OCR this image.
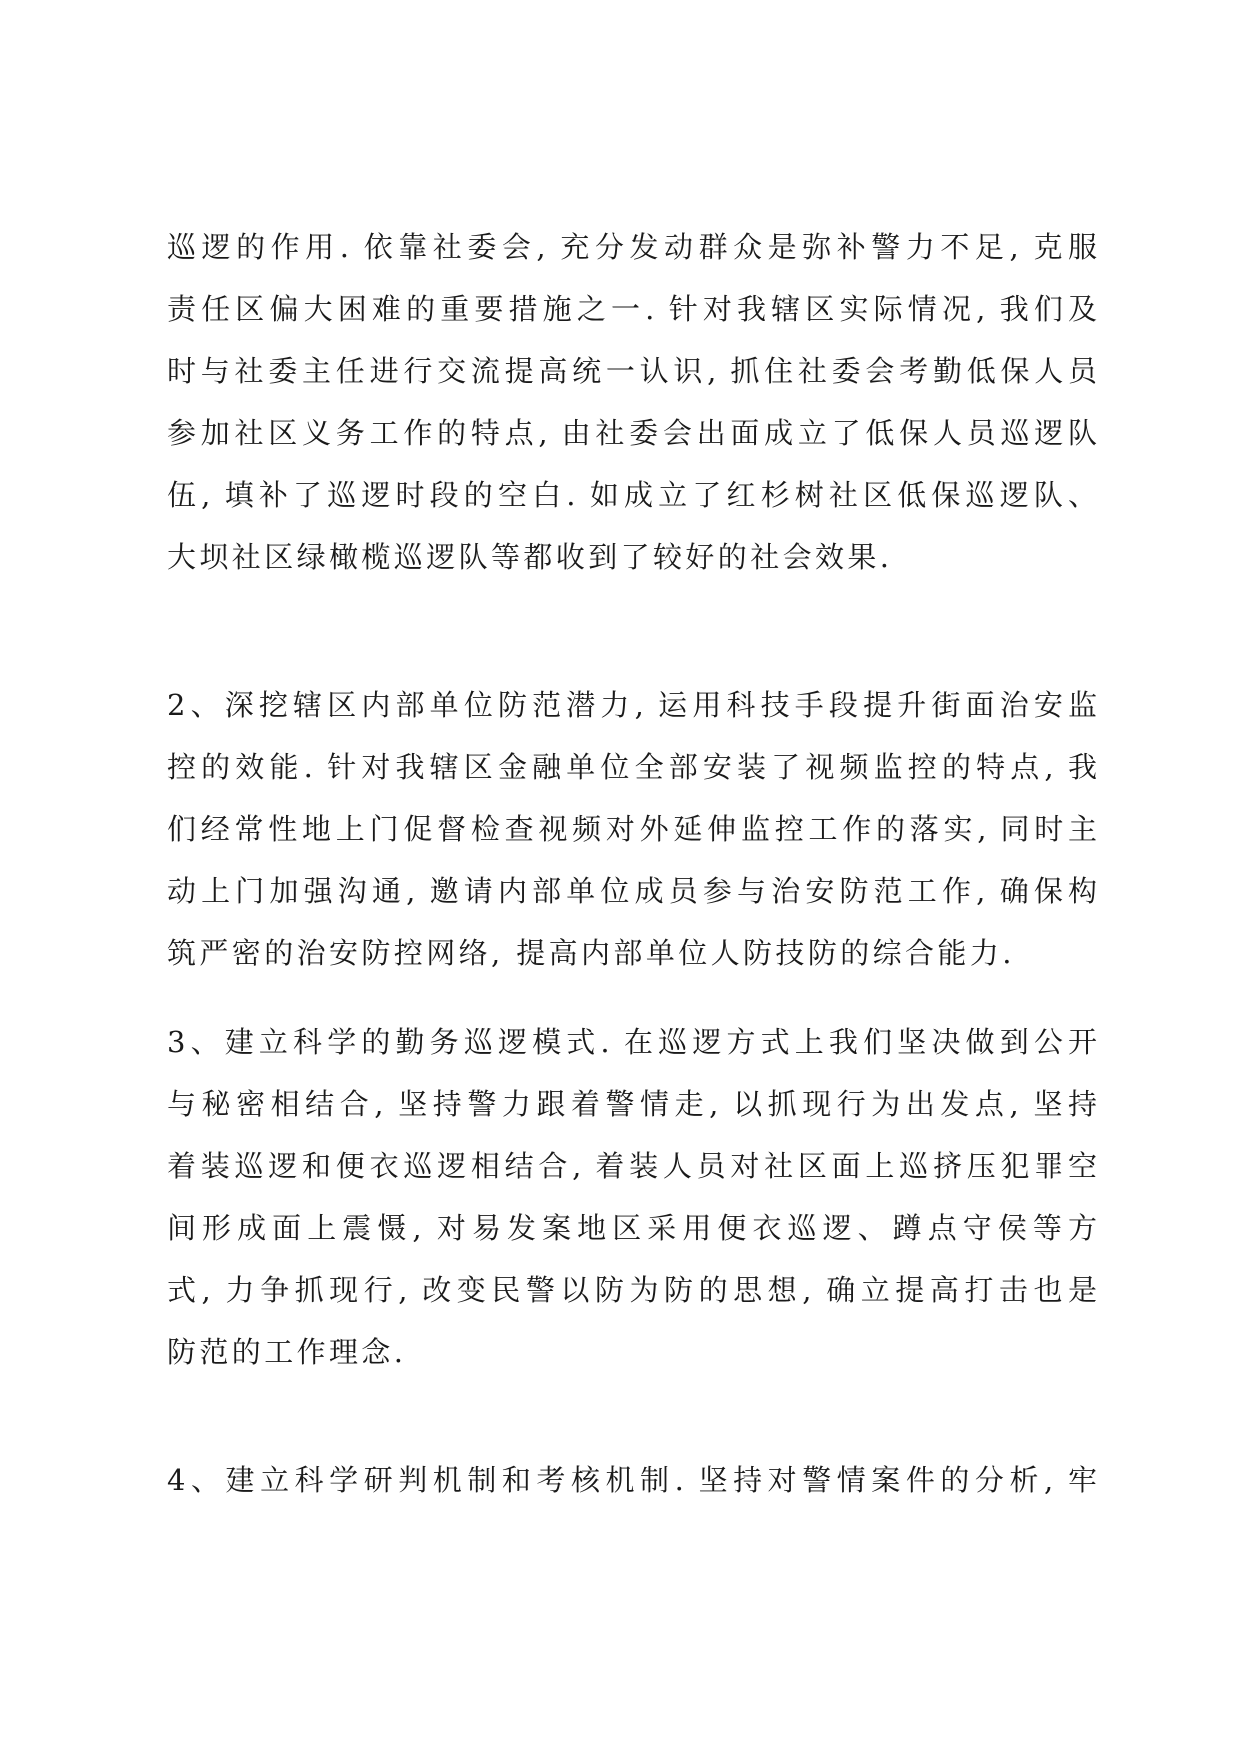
巡逻的作用. 依靠社委会, 充分发动群众是弥补警力不足, 克服
责任区偏大困难的重要措施之一. 针对我辖区实际情况, 我们及
时与社委主任进行交流提高统一认识, 抓住社委会考勤低保人员
参加社区义务工作的特点, 由社委会出面成立了低保人员巡逻队
伍, 填补了巡逻时段的空白. 如成立了红杉树社区低保巡逻队、
大坝社区绿橄榄巡逻队等都收到了较好的社会效果.
2、深挖辖区内部单位防范潜力, 运用科技手段提升街面治安监
控的效能. 针对我辖区金融单位全部安装了视频监控的特点, 我
们经常性地上门促督检查视频对外延伸监控工作的落实, 同时主
动上门加强沟通, 邀请内部单位成员参与治安防范工作, 确保构
筑严密的治安防控网络, 提高内部单位人防技防的综合能力.
3、建立科学的勤务巡逻模式. 在巡逻方式上我们坚决做到公开
与秘密相结合, 坚持警力跟着警情走, 以抓现行为出发点, 坚持
着装巡逻和便衣巡逻相结合, 着装人员对社区面上巡挤压犯罪空
间形成面上震慑, 对易发案地区采用便衣巡逻、蹲点守侯等方
式, 力争抓现行, 改变民警以防为防的思想, 确立提高打击也是
防范的工作理念.
4、建立科学研判机制和考核机制. 坚持对警情案件的分析, 牢
